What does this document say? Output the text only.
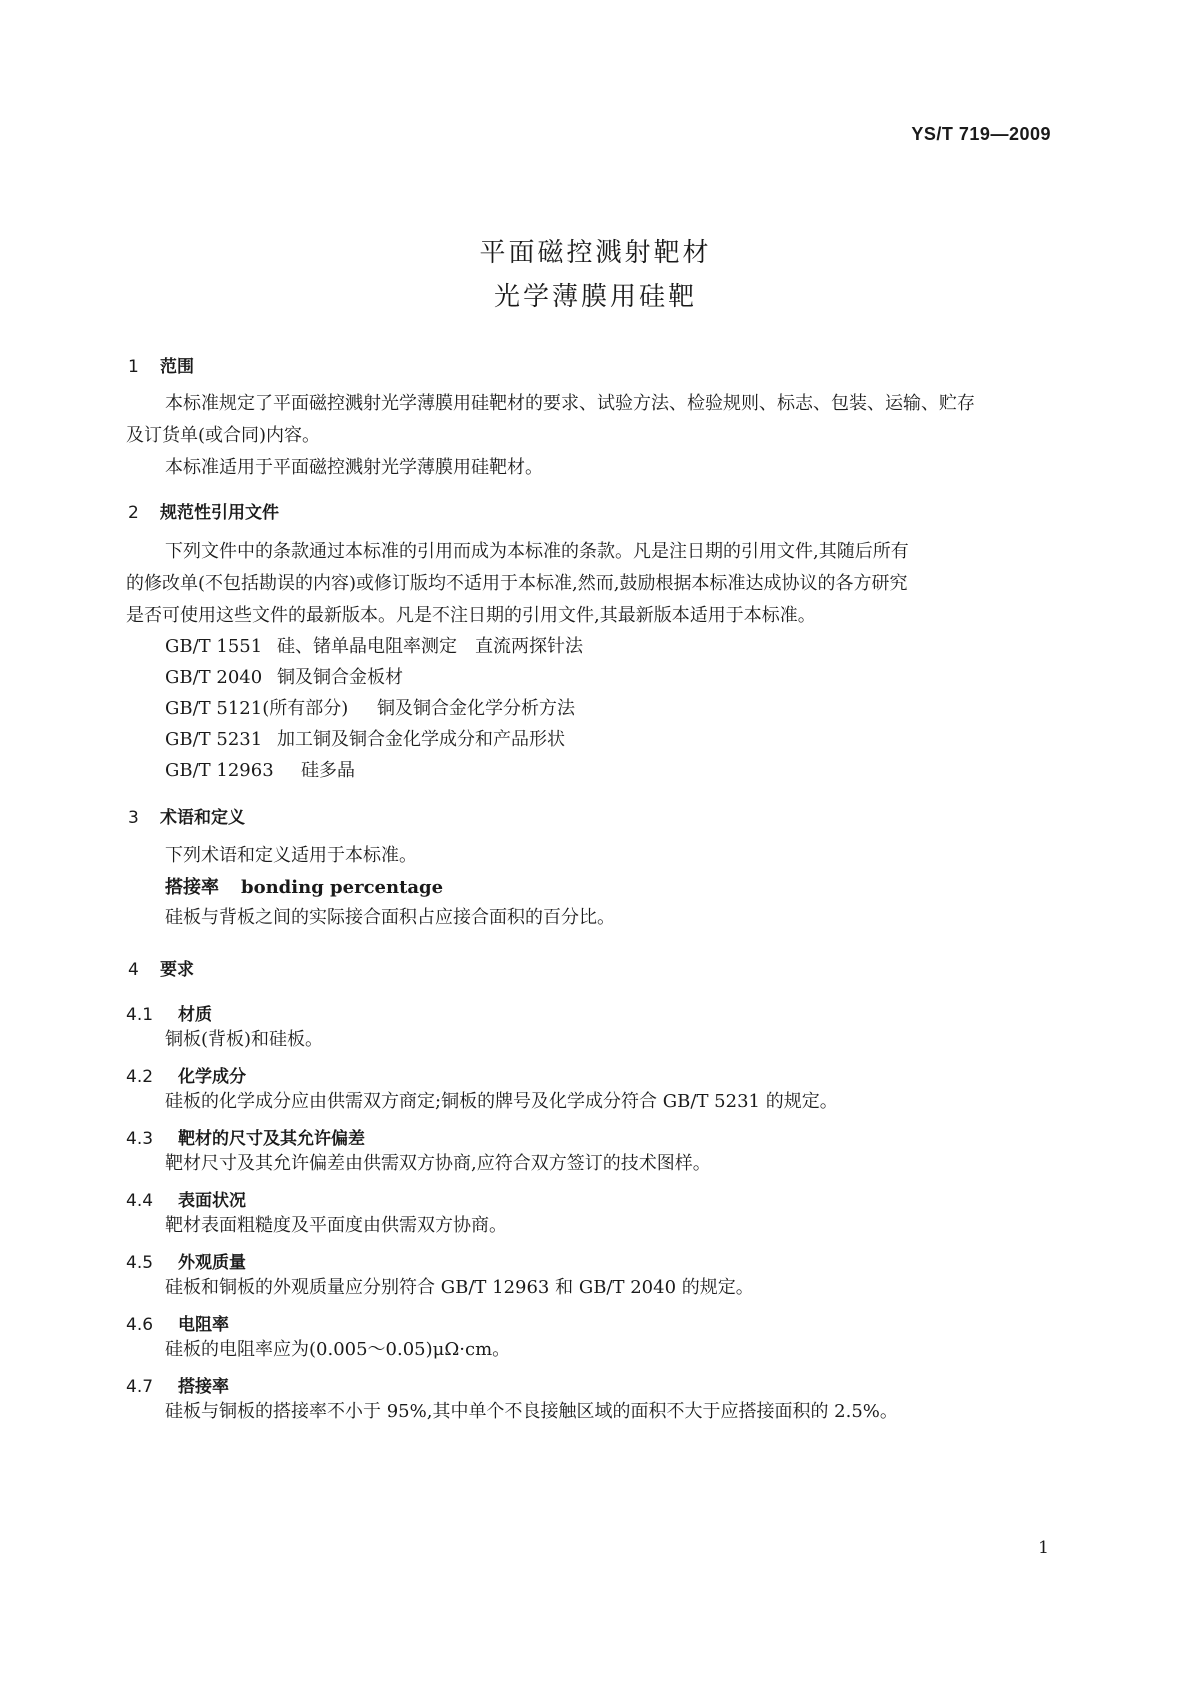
YS/T 719—2009
平面磁控溅射靶材
光学薄膜用硅靶
1 范围
本标准规定了平面磁控溅射光学薄膜用硅靶材的要求、试验方法、检验规则、标志、包装、运输、贮存
及订货单(或合同)内容。
本标准适用于平面磁控溅射光学薄膜用硅靶材。
2 规范性引用文件
下列文件中的条款通过本标准的引用而成为本标准的条款。凡是注日期的引用文件,其随后所有
的修改单(不包括勘误的内容)或修订版均不适用于本标准,然而,鼓励根据本标准达成协议的各方研究
是否可使用这些文件的最新版本。凡是不注日期的引用文件,其最新版本适用于本标准。
GB/T 1551 硅、锗单晶电阻率测定　直流两探针法
GB/T 2040 铜及铜合金板材
GB/T 5121(所有部分) 铜及铜合金化学分析方法
GB/T 5231 加工铜及铜合金化学成分和产品形状
GB/T 12963 硅多晶
3 术语和定义
下列术语和定义适用于本标准。
搭接率 bonding percentage
硅板与背板之间的实际接合面积占应接合面积的百分比。
4 要求
4.1 材质
铜板(背板)和硅板。
4.2 化学成分
硅板的化学成分应由供需双方商定;铜板的牌号及化学成分符合 GB/T 5231 的规定。
4.3 靶材的尺寸及其允许偏差
靶材尺寸及其允许偏差由供需双方协商,应符合双方签订的技术图样。
4.4 表面状况
靶材表面粗糙度及平面度由供需双方协商。
4.5 外观质量
硅板和铜板的外观质量应分别符合 GB/T 12963 和 GB/T 2040 的规定。
4.6 电阻率
硅板的电阻率应为(0.005～0.05)μΩ·cm。
4.7 搭接率
硅板与铜板的搭接率不小于 95%,其中单个不良接触区域的面积不大于应搭接面积的 2.5%。
1
